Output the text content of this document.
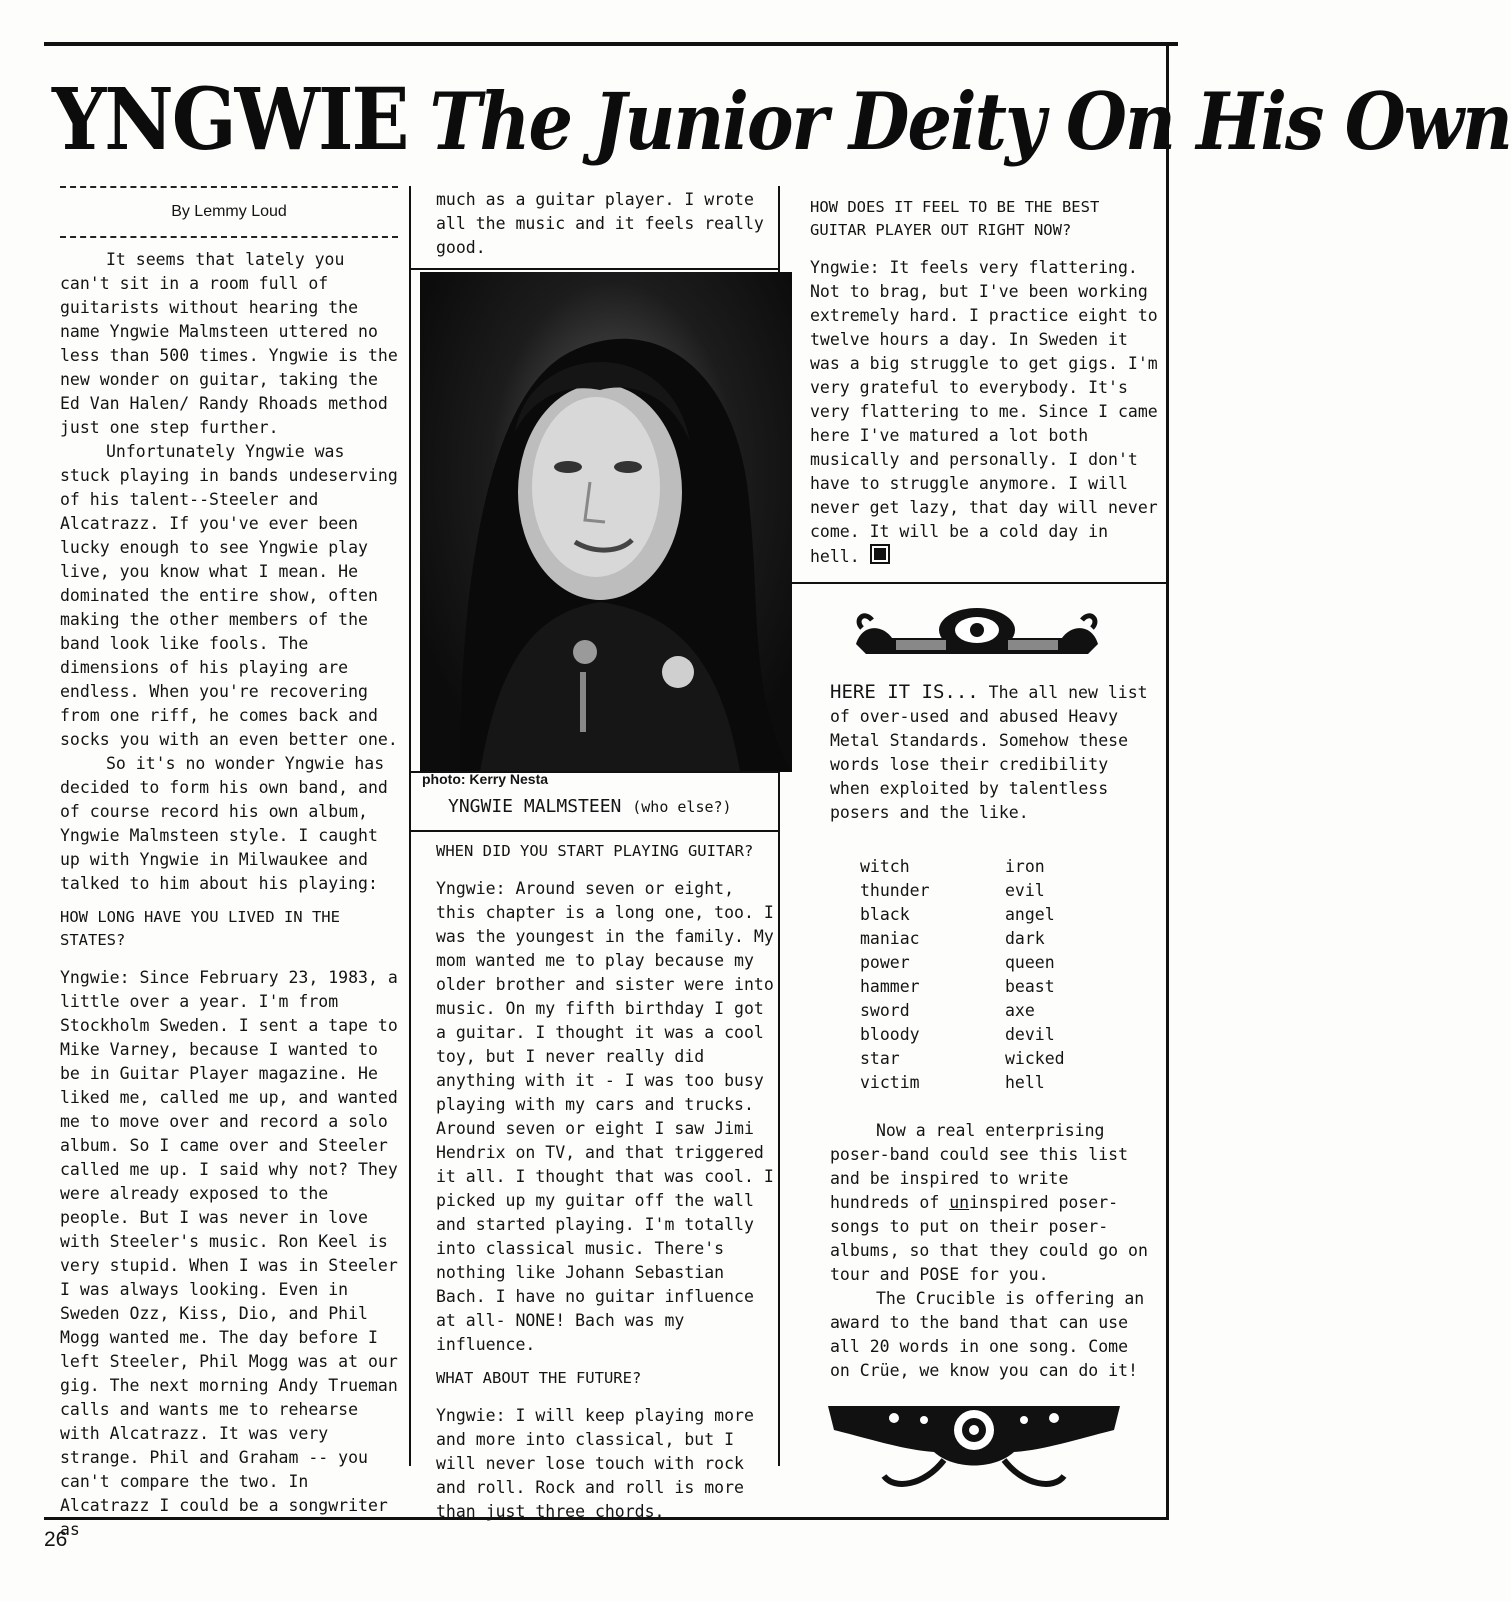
YNGWIE The Junior Deity On His Own
By Lemmy Loud

It seems that lately you can't sit in a room full of guitarists without hearing the name Yngwie Malmsteen uttered no less than 500 times. Yngwie is the new wonder on guitar, taking the Ed Van Halen/ Randy Rhoads method just one step further.

Unfortunately Yngwie was stuck playing in bands undeserving of his talent--Steeler and Alcatrazz. If you've ever been lucky enough to see Yngwie play live, you know what I mean. He dominated the entire show, often making the other members of the band look like fools. The dimensions of his playing are endless. When you're recovering from one riff, he comes back and socks you with an even better one.

So it's no wonder Yngwie has decided to form his own band, and of course record his own album, Yngwie Malmsteen style. I caught up with Yngwie in Milwaukee and talked to him about his playing:

HOW LONG HAVE YOU LIVED IN THE STATES?

Yngwie: Since February 23, 1983, a little over a year. I'm from Stockholm Sweden. I sent a tape to Mike Varney, because I wanted to be in Guitar Player magazine. He liked me, called me up, and wanted me to move over and record a solo album. So I came over and Steeler called me up. I said why not? They were already exposed to the people. But I was never in love with Steeler's music. Ron Keel is very stupid. When I was in Steeler I was always looking. Even in Sweden Ozz, Kiss, Dio, and Phil Mogg wanted me. The day before I left Steeler, Phil Mogg was at our gig. The next morning Andy Trueman calls and wants me to rehearse with Alcatrazz. It was very strange. Phil and Graham -- you can't compare the two. In Alcatrazz I could be a songwriter as

much as a guitar player. I wrote all the music and it feels really good.

photo: Kerry Nesta
YNGWIE MALMSTEEN (who else?)

WHEN DID YOU START PLAYING GUITAR?

Yngwie: Around seven or eight, this chapter is a long one, too. I was the youngest in the family. My mom wanted me to play because my older brother and sister were into music. On my fifth birthday I got a guitar. I thought it was a cool toy, but I never really did anything with it - I was too busy playing with my cars and trucks. Around seven or eight I saw Jimi Hendrix on TV, and that triggered it all. I thought that was cool. I picked up my guitar off the wall and started playing. I'm totally into classical music. There's nothing like Johann Sebastian Bach. I have no guitar influence at all- NONE! Bach was my influence.

WHAT ABOUT THE FUTURE?

Yngwie: I will keep playing more and more into classical, but I will never lose touch with rock and roll. Rock and roll is more than just three chords.

HOW DOES IT FEEL TO BE THE BEST GUITAR PLAYER OUT RIGHT NOW?

Yngwie: It feels very flattering. Not to brag, but I've been working extremely hard. I practice eight to twelve hours a day. In Sweden it was a big struggle to get gigs. I'm very grateful to everybody. It's very flattering to me. Since I came here I've matured a lot both musically and personally. I don't have to struggle anymore. I will never get lazy, that day will never come. It will be a cold day in hell.

HERE IT IS... The all new list of over-used and abused Heavy Metal Standards. Somehow these words lose their credibility when exploited by talentless posers and the like.

witch
thunder
black
maniac
power
hammer
sword
bloody
star
victim
iron
evil
angel
dark
queen
beast
axe
devil
wicked
hell

Now a real enterprising poser-band could see this list and be inspired to write hundreds of uninspired poser-songs to put on their poser-albums, so that they could go on tour and POSE for you.

The Crucible is offering an award to the band that can use all 20 words in one song. Come on Crüe, we know you can do it!

26
